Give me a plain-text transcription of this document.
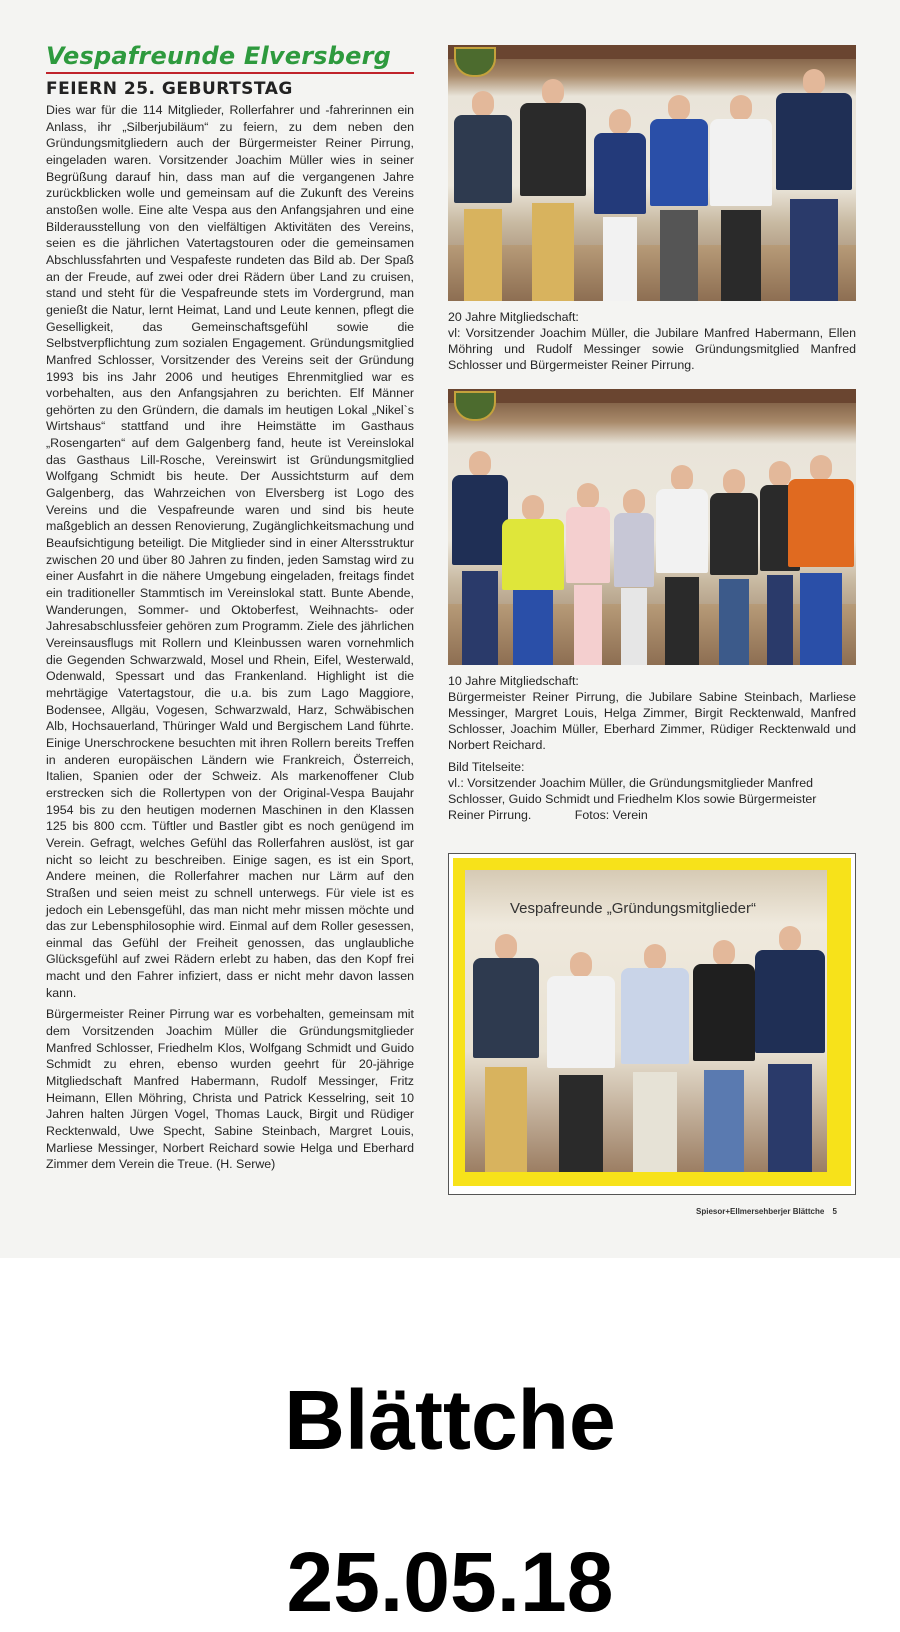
Vespafreunde Elversberg
FEIERN 25. GEBURTSTAG

Dies war für die 114 Mitglieder, Rollerfahrer und -fahrerinnen ein Anlass, ihr „Silberjubiläum“ zu feiern, zu dem neben den Gründungsmitgliedern auch der Bürgermeister Reiner Pirrung, eingeladen waren. Vorsitzender Joachim Müller wies in seiner Begrüßung darauf hin, dass man auf die vergangenen Jahre zurückblicken wolle und gemeinsam auf die Zukunft des Vereins anstoßen wolle. Eine alte Vespa aus den Anfangsjahren und eine Bilderausstellung von den vielfältigen Aktivitäten des Vereins, seien es die jährlichen Vatertagstouren oder die gemeinsamen Abschlussfahrten und Vespafeste rundeten das Bild ab. Der Spaß an der Freude, auf zwei oder drei Rädern über Land zu cruisen, stand und steht für die Vespafreunde stets im Vordergrund, man genießt die Natur, lernt Heimat, Land und Leute kennen, pflegt die Geselligkeit, das Gemeinschaftsgefühl sowie die Selbstverpflichtung zum sozialen Engagement. Gründungsmitglied Manfred Schlosser, Vorsitzender des Vereins seit der Gründung 1993 bis ins Jahr 2006 und heutiges Ehrenmitglied war es vorbehalten, aus den Anfangsjahren zu berichten. Elf Männer gehörten zu den Gründern, die damals im heutigen Lokal „Nikel`s Wirtshaus“ stattfand und ihre Heimstätte im Gasthaus „Rosengarten“ auf dem Galgenberg fand, heute ist Vereinslokal das Gasthaus Lill-Rosche, Vereinswirt ist Gründungsmitglied Wolfgang Schmidt bis heute. Der Aussichtsturm auf dem Galgenberg, das Wahrzeichen von Elversberg ist Logo des Vereins und die Vespafreunde waren und sind bis heute maßgeblich an dessen Renovierung, Zugänglichkeitsmachung und Beaufsichtigung beteiligt. Die Mitglieder sind in einer Altersstruktur zwischen 20 und über 80 Jahren zu finden, jeden Samstag wird zu einer Ausfahrt in die nähere Umgebung eingeladen, freitags findet ein traditioneller Stammtisch im Vereinslokal statt. Bunte Abende, Wanderungen, Sommer- und Oktoberfest, Weihnachts- oder Jahresabschlussfeier gehören zum Programm. Ziele des jährlichen Vereinsausflugs mit Rollern und Kleinbussen waren vornehmlich die Gegenden Schwarzwald, Mosel und Rhein, Eifel, Westerwald, Odenwald, Spessart und das Frankenland. Highlight ist die mehrtägige Vatertagstour, die u.a. bis zum Lago Maggiore, Bodensee, Allgäu, Vogesen, Schwarzwald, Harz, Schwäbischen Alb, Hochsauerland, Thüringer Wald und Bergischem Land führte. Einige Unerschrockene besuchten mit ihren Rollern bereits Treffen in anderen europäischen Ländern wie Frankreich, Österreich, Italien, Spanien oder der Schweiz. Als markenoffener Club erstrecken sich die Rollertypen von der Original-Vespa Baujahr 1954 bis zu den heutigen modernen Maschinen in den Klassen 125 bis 800 ccm. Tüftler und Bastler gibt es noch genügend im Verein. Gefragt, welches Gefühl das Rollerfahren auslöst, ist gar nicht so leicht zu beschreiben. Einige sagen, es ist ein Sport, Andere meinen, die Rollerfahrer machen nur Lärm auf den Straßen und seien meist zu schnell unterwegs. Für viele ist es jedoch ein Lebensgefühl, das man nicht mehr missen möchte und das zur Lebensphilosophie wird. Einmal auf dem Roller gesessen, einmal das Gefühl der Freiheit genossen, das unglaubliche Glücksgefühl auf zwei Rädern erlebt zu haben, das den Kopf frei macht und den Fahrer infiziert, dass er nicht mehr davon lassen kann.

Bürgermeister Reiner Pirrung war es vorbehalten, gemeinsam mit dem Vorsitzenden Joachim Müller die Gründungsmitglieder Manfred Schlosser, Friedhelm Klos, Wolfgang Schmidt und Guido Schmidt zu ehren, ebenso wurden geehrt für 20-jährige Mitgliedschaft Manfred Habermann, Rudolf Messinger, Fritz Heimann, Ellen Möhring, Christa und Patrick Kesselring, seit 10 Jahren halten Jürgen Vogel, Thomas Lauck, Birgit und Rüdiger Recktenwald, Uwe Specht, Sabine Steinbach, Margret Louis, Marliese Messinger, Norbert Reichard sowie Helga und Eberhard Zimmer dem Verein die Treue. (H. Serwe)

20 Jahre Mitgliedschaft:
vl: Vorsitzender Joachim Müller, die Jubilare Manfred Habermann, Ellen Möhring und Rudolf Messinger sowie Gründungsmitglied Manfred Schlosser und Bürgermeister Reiner Pirrung.

10 Jahre Mitgliedschaft:
Bürgermeister Reiner Pirrung, die Jubilare Sabine Steinbach, Marliese Messinger, Margret Louis, Helga Zimmer, Birgit Recktenwald, Manfred Schlosser, Joachim Müller, Eberhard Zimmer, Rüdiger Recktenwald und Norbert Reichard.

Bild Titelseite:
vl.: Vorsitzender Joachim Müller, die Gründungsmitglieder Manfred Schlosser, Guido Schmidt und Friedhelm Klos sowie Bürgermeister Reiner Pirrung.	Fotos: Verein

Vespafreunde „Gründungsmitglieder“
Spiesor+Ellmersehberjer Blättche 5
Blättche
25.05.18
